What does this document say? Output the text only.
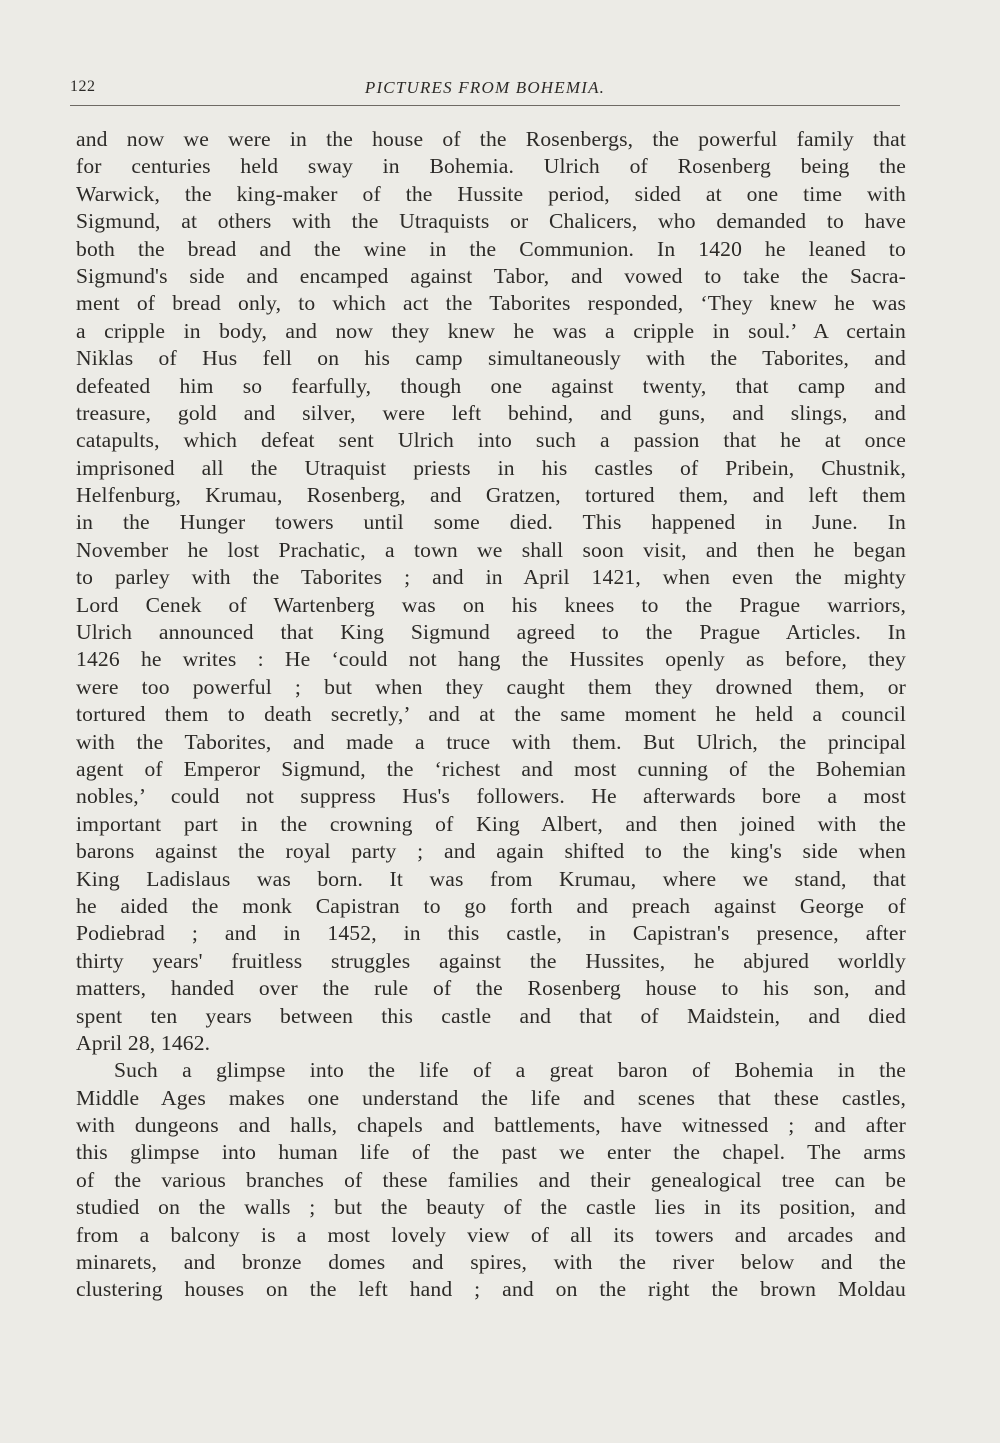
122	PICTURES FROM BOHEMIA.
and now we were in the house of the Rosenbergs, the powerful family that
for centuries held sway in Bohemia. Ulrich of Rosenberg being the
Warwick, the king-maker of the Hussite period, sided at one time with
Sigmund, at others with the Utraquists or Chalicers, who demanded to have
both the bread and the wine in the Communion. In 1420 he leaned to
Sigmund's side and encamped against Tabor, and vowed to take the Sacra-
ment of bread only, to which act the Taborites responded, ‘They knew he was
a cripple in body, and now they knew he was a cripple in soul.’ A certain
Niklas of Hus fell on his camp simultaneously with the Taborites, and
defeated him so fearfully, though one against twenty, that camp and
treasure, gold and silver, were left behind, and guns, and slings, and
catapults, which defeat sent Ulrich into such a passion that he at once
imprisoned all the Utraquist priests in his castles of Pribein, Chustnik,
Helfenburg, Krumau, Rosenberg, and Gratzen, tortured them, and left them
in the Hunger towers until some died. This happened in June. In
November he lost Prachatic, a town we shall soon visit, and then he began
to parley with the Taborites ; and in April 1421, when even the mighty
Lord Cenek of Wartenberg was on his knees to the Prague warriors,
Ulrich announced that King Sigmund agreed to the Prague Articles. In
1426 he writes : He ‘could not hang the Hussites openly as before, they
were too powerful ; but when they caught them they drowned them, or
tortured them to death secretly,’ and at the same moment he held a council
with the Taborites, and made a truce with them. But Ulrich, the principal
agent of Emperor Sigmund, the ‘richest and most cunning of the Bohemian
nobles,’ could not suppress Hus's followers. He afterwards bore a most
important part in the crowning of King Albert, and then joined with the
barons against the royal party ; and again shifted to the king's side when
King Ladislaus was born. It was from Krumau, where we stand, that
he aided the monk Capistran to go forth and preach against George of
Podiebrad ; and in 1452, in this castle, in Capistran's presence, after
thirty years' fruitless struggles against the Hussites, he abjured worldly
matters, handed over the rule of the Rosenberg house to his son, and
spent ten years between this castle and that of Maidstein, and died
April 28, 1462.
Such a glimpse into the life of a great baron of Bohemia in the
Middle Ages makes one understand the life and scenes that these castles,
with dungeons and halls, chapels and battlements, have witnessed ; and after
this glimpse into human life of the past we enter the chapel. The arms
of the various branches of these families and their genealogical tree can be
studied on the walls ; but the beauty of the castle lies in its position, and
from a balcony is a most lovely view of all its towers and arcades and
minarets, and bronze domes and spires, with the river below and the
clustering houses on the left hand ; and on the right the brown Moldau
